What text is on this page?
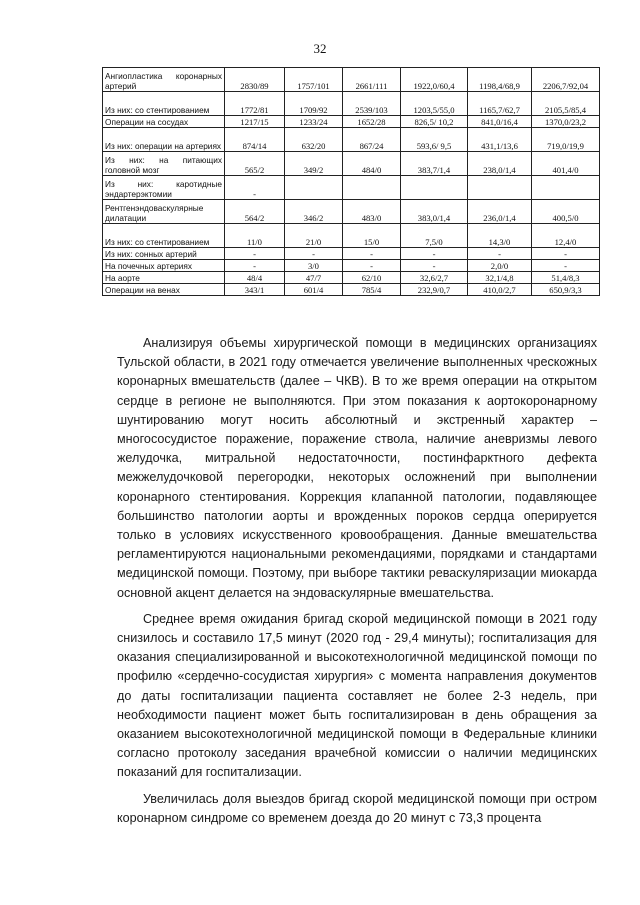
32
Ангиопластика коронарных артерий	2830/89	1757/101	2661/111	1922,0/60,4	1198,4/68,9	2206,7/92,04
Из них: со стентированием	1772/81	1709/92	2539/103	1203,5/55,0	1165,7/62,7	2105,5/85,4
Операции на сосудах	1217/15	1233/24	1652/28	826,5/ 10,2	841,0/16,4	1370,0/23,2
Из них: операции на артериях	874/14	632/20	867/24	593,6/ 9,5	431,1/13,6	719,0/19,9
Из них: на питающих головной мозг	565/2	349/2	484/0	383,7/1,4	238,0/1,4	401,4/0
Из них: каротидные эндартерэктомии	-					
Рентгенэндоваскулярные дилатации	564/2	346/2	483/0	383,0/1,4	236,0/1,4	400,5/0
Из них: со стентированием	11/0	21/0	15/0	7,5/0	14,3/0	12,4/0
Из них: сонных артерий	-	-	-	-	-	-
На почечных артериях	-	3/0	-	-	2,0/0	-
На аорте	48/4	47/7	62/10	32,6/2,7	32,1/4,8	51,4/8,3
Операции на венах	343/1	601/4	785/4	232,9/0,7	410,0/2,7	650,9/3,3

Анализируя объемы хирургической помощи в медицинских организациях Тульской области, в 2021 году отмечается увеличение выполненных чрескожных коронарных вмешательств (далее – ЧКВ). В то же время операции на открытом сердце в регионе не выполняются. При этом показания к аортокоронарному шунтированию могут носить абсолютный и экстренный характер – многососудистое поражение, поражение ствола, наличие аневризмы левого желудочка, митральной недостаточности, постинфарктного дефекта межжелудочковой перегородки, некоторых осложнений при выполнении коронарного стентирования. Коррекция клапанной патологии, подавляющее большинство патологии аорты и врожденных пороков сердца оперируется только в условиях искусственного кровообращения. Данные вмешательства регламентируются национальными рекомендациями, порядками и стандартами медицинской помощи. Поэтому, при выборе тактики реваскуляризации миокарда основной акцент делается на эндоваскулярные вмешательства.

Среднее время ожидания бригад скорой медицинской помощи в 2021 году снизилось и составило 17,5 минут (2020 год - 29,4 минуты); госпитализация для оказания специализированной и высокотехнологичной медицинской помощи по профилю «сердечно-сосудистая хирургия» с момента направления документов до даты госпитализации пациента составляет не более 2-3 недель, при необходимости пациент может быть госпитализирован в день обращения за оказанием высокотехнологичной медицинской помощи в Федеральные клиники согласно протоколу заседания врачебной комиссии о наличии медицинских показаний для госпитализации.

Увеличилась доля выездов бригад скорой медицинской помощи при остром коронарном синдроме со временем доезда до 20 минут с 73,3 процента
